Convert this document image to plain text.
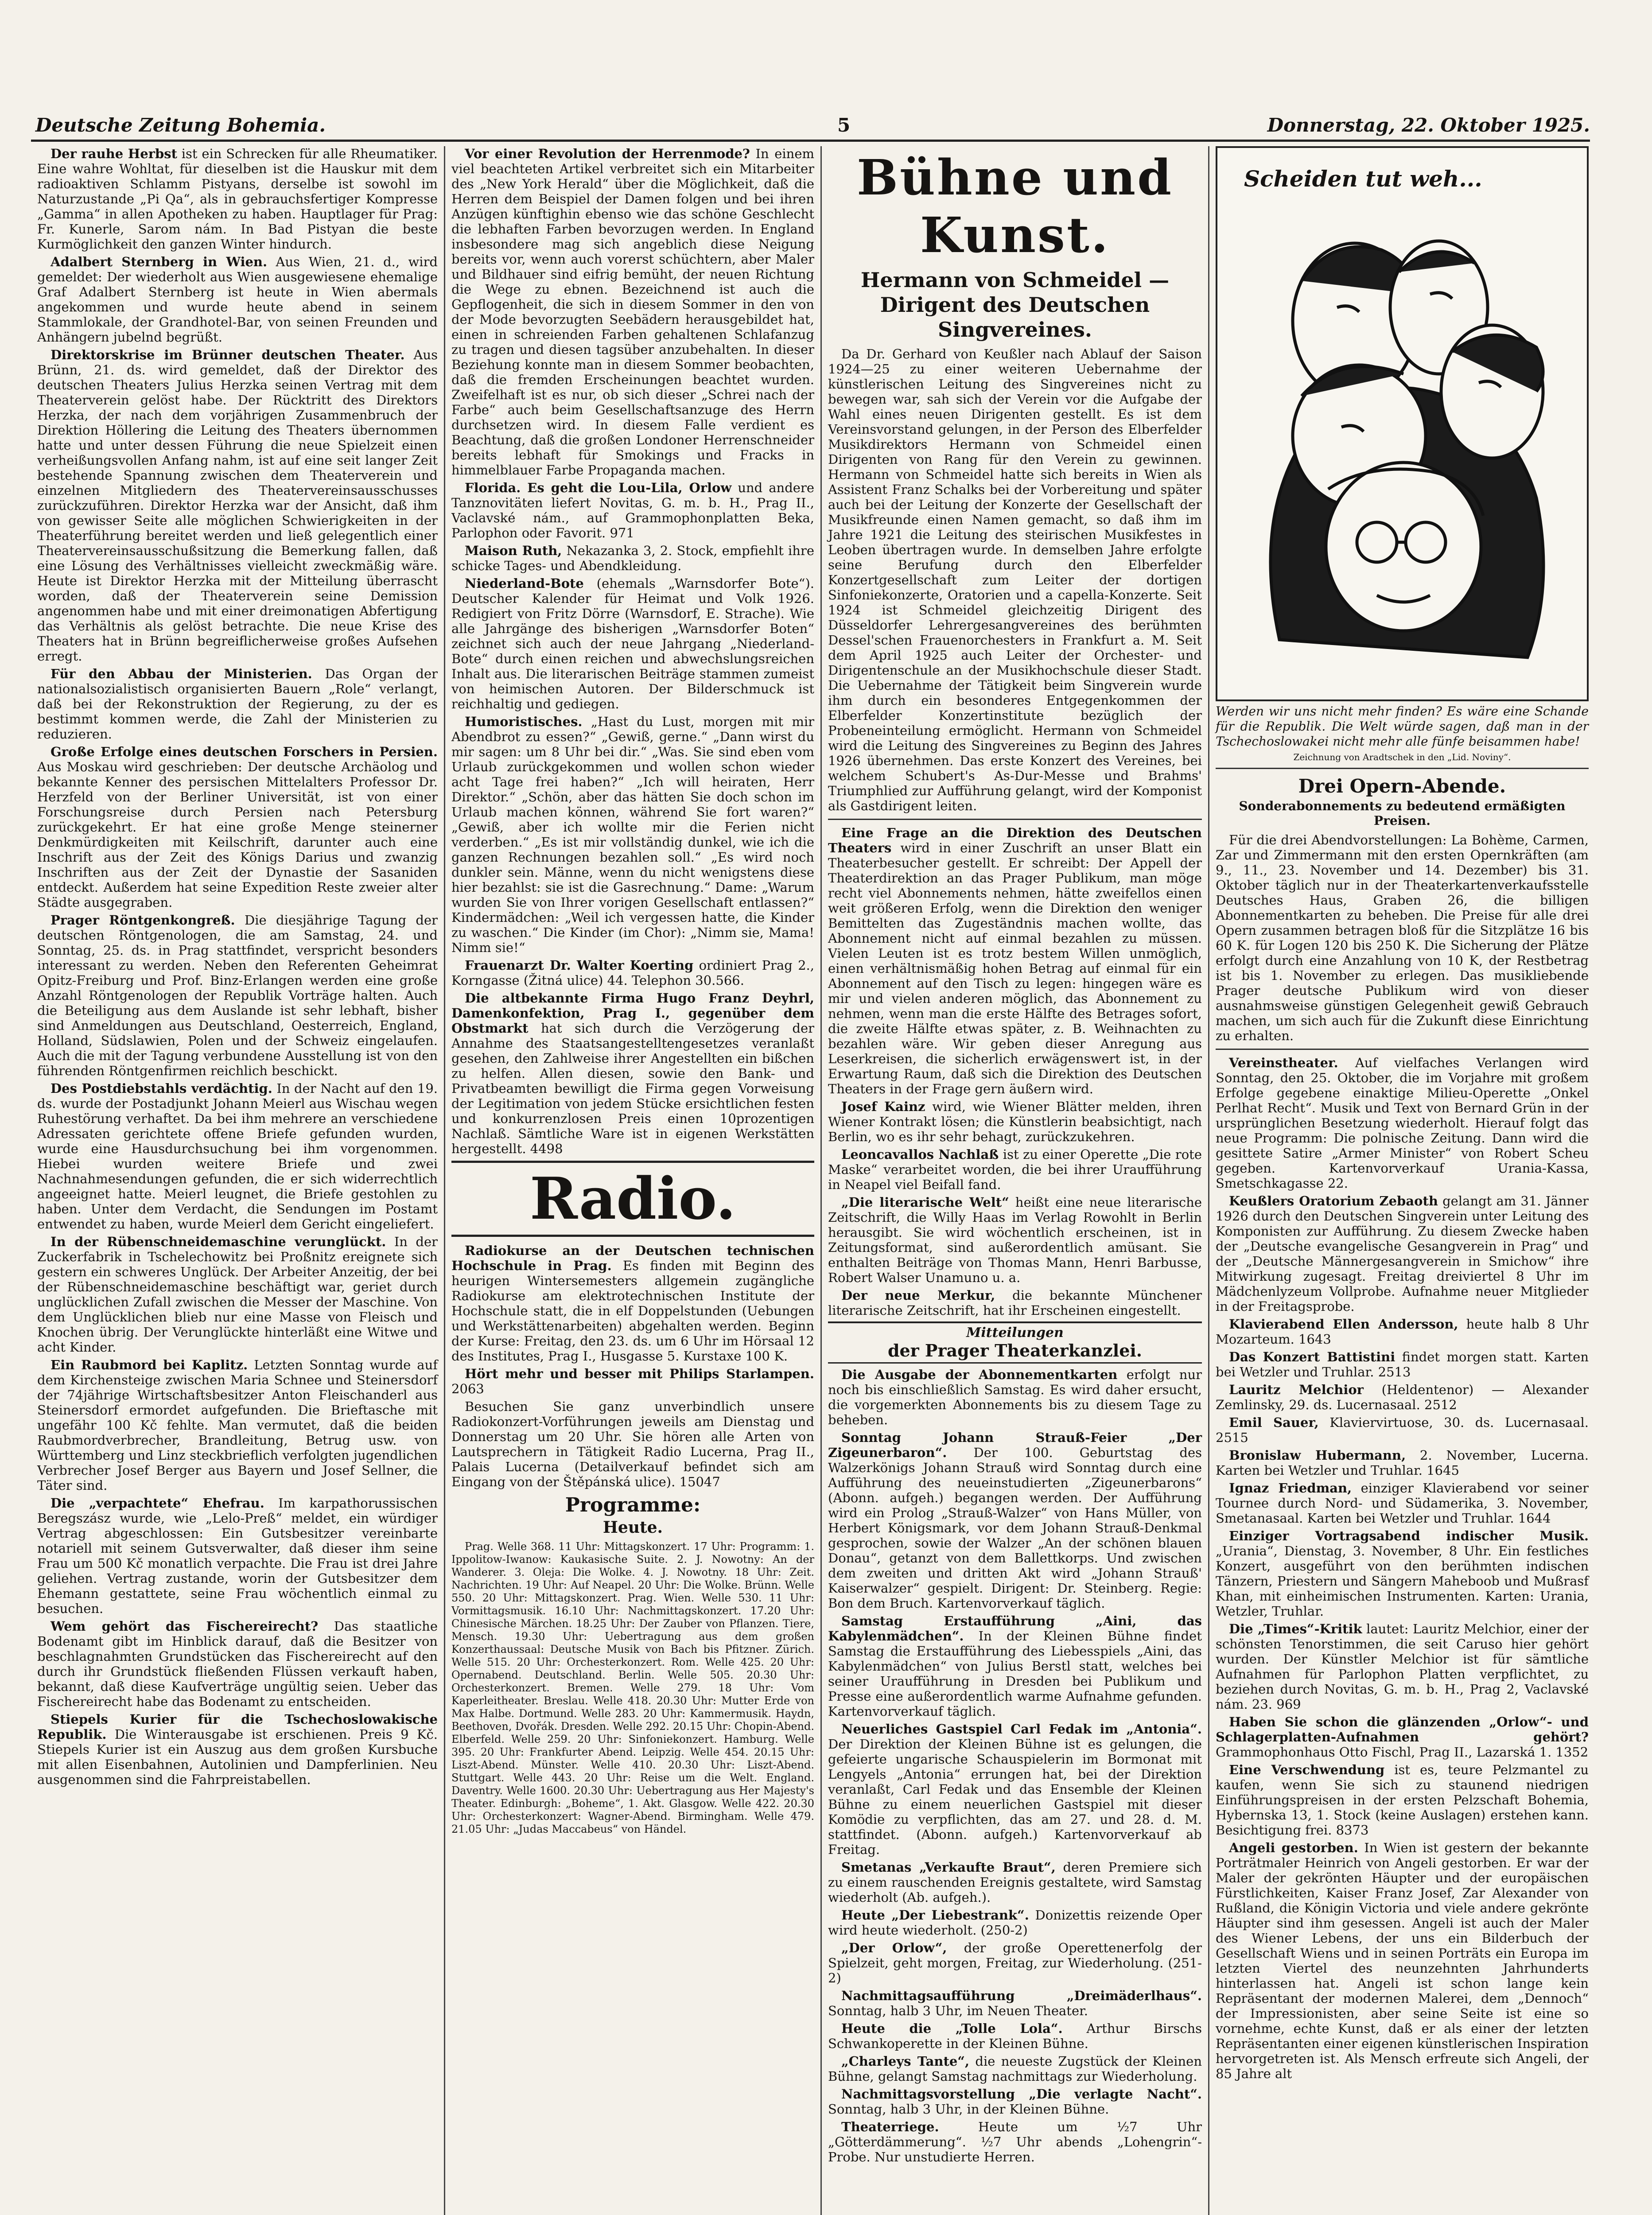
Deutsche Zeitung Bohemia.	5	Donnerstag, 22. Oktober 1925.

Der rauhe Herbst ist ein Schrecken für alle Rheumatiker. Eine wahre Wohltat, für dieselben ist die Hauskur mit dem radioaktiven Schlamm Pistyans, derselbe ist sowohl im Naturzustande „Pi Qa“, als in gebrauchsfertiger Kompresse „Gamma“ in allen Apotheken zu haben. Hauptlager für Prag: Fr. Kunerle, Sarom nám. In Bad Pistyan die beste Kurmöglichkeit den ganzen Winter hindurch.

Adalbert Sternberg in Wien. Aus Wien, 21. d., wird gemeldet: Der wiederholt aus Wien ausgewiesene ehemalige Graf Adalbert Sternberg ist heute in Wien abermals angekommen und wurde heute abend in seinem Stammlokale, der Grandhotel-Bar, von seinen Freunden und Anhängern jubelnd begrüßt.

Direktorskrise im Brünner deutschen Theater. Aus Brünn, 21. ds. wird gemeldet, daß der Direktor des deutschen Theaters Julius Herzka seinen Vertrag mit dem Theaterverein gelöst habe. Der Rücktritt des Direktors Herzka, der nach dem vorjährigen Zusammenbruch der Direktion Höllering die Leitung des Theaters übernommen hatte und unter dessen Führung die neue Spielzeit einen verheißungsvollen Anfang nahm, ist auf eine seit langer Zeit bestehende Spannung zwischen dem Theaterverein und einzelnen Mitgliedern des Theatervereinsausschusses zurückzuführen. Direktor Herzka war der Ansicht, daß ihm von gewisser Seite alle möglichen Schwierigkeiten in der Theaterführung bereitet werden und ließ gelegentlich einer Theatervereinsausschußsitzung die Bemerkung fallen, daß eine Lösung des Verhältnisses vielleicht zweckmäßig wäre. Heute ist Direktor Herzka mit der Mitteilung überrascht worden, daß der Theaterverein seine Demission angenommen habe und mit einer dreimonatigen Abfertigung das Verhältnis als gelöst betrachte. Die neue Krise des Theaters hat in Brünn begreiflicherweise großes Aufsehen erregt.

Für den Abbau der Ministerien. Das Organ der nationalsozialistisch organisierten Bauern „Role“ verlangt, daß bei der Rekonstruktion der Regierung, zu der es bestimmt kommen werde, die Zahl der Ministerien zu reduzieren.

Große Erfolge eines deutschen Forschers in Persien. Aus Moskau wird geschrieben: Der deutsche Archäolog und bekannte Kenner des persischen Mittelalters Professor Dr. Herzfeld von der Berliner Universität, ist von einer Forschungsreise durch Persien nach Petersburg zurückgekehrt. Er hat eine große Menge steinerner Denkmürdigkeiten mit Keilschrift, darunter auch eine Inschrift aus der Zeit des Königs Darius und zwanzig Inschriften aus der Zeit der Dynastie der Sasaniden entdeckt. Außerdem hat seine Expedition Reste zweier alter Städte ausgegraben.

Prager Röntgenkongreß. Die diesjährige Tagung der deutschen Röntgenologen, die am Samstag, 24. und Sonntag, 25. ds. in Prag stattfindet, verspricht besonders interessant zu werden. Neben den Referenten Geheimrat Opitz-Freiburg und Prof. Binz-Erlangen werden eine große Anzahl Röntgenologen der Republik Vorträge halten. Auch die Beteiligung aus dem Auslande ist sehr lebhaft, bisher sind Anmeldungen aus Deutschland, Oesterreich, England, Holland, Südslawien, Polen und der Schweiz eingelaufen. Auch die mit der Tagung verbundene Ausstellung ist von den führenden Röntgenfirmen reichlich beschickt.

Des Postdiebstahls verdächtig. In der Nacht auf den 19. ds. wurde der Postadjunkt Johann Meierl aus Wischau wegen Ruhestörung verhaftet. Da bei ihm mehrere an verschiedene Adressaten gerichtete offene Briefe gefunden wurden, wurde eine Hausdurchsuchung bei ihm vorgenommen. Hiebei wurden weitere Briefe und zwei Nachnahmesendungen gefunden, die er sich widerrechtlich angeeignet hatte. Meierl leugnet, die Briefe gestohlen zu haben. Unter dem Verdacht, die Sendungen im Postamt entwendet zu haben, wurde Meierl dem Gericht eingeliefert.

In der Rübenschneidemaschine verunglückt. In der Zuckerfabrik in Tschelechowitz bei Proßnitz ereignete sich gestern ein schweres Unglück. Der Arbeiter Anzeitig, der bei der Rübenschneidemaschine beschäftigt war, geriet durch unglücklichen Zufall zwischen die Messer der Maschine. Von dem Unglücklichen blieb nur eine Masse von Fleisch und Knochen übrig. Der Verunglückte hinterläßt eine Witwe und acht Kinder.

Ein Raubmord bei Kaplitz. Letzten Sonntag wurde auf dem Kirchensteige zwischen Maria Schnee und Steinersdorf der 74jährige Wirtschaftsbesitzer Anton Fleischanderl aus Steinersdorf ermordet aufgefunden. Die Brieftasche mit ungefähr 100 Kč fehlte. Man vermutet, daß die beiden Raubmordverbrecher, Brandleitung, Betrug usw. von Württemberg und Linz steckbrieflich verfolgten jugendlichen Verbrecher Josef Berger aus Bayern und Josef Sellner, die Täter sind.

Die „verpachtete“ Ehefrau. Im karpathorussischen Beregszász wurde, wie „Lelo-Preß“ meldet, ein würdiger Vertrag abgeschlossen: Ein Gutsbesitzer vereinbarte notariell mit seinem Gutsverwalter, daß dieser ihm seine Frau um 500 Kč monatlich verpachte. Die Frau ist drei Jahre geliehen. Vertrag zustande, worin der Gutsbesitzer dem Ehemann gestattete, seine Frau wöchentlich einmal zu besuchen.

Wem gehört das Fischereirecht? Das staatliche Bodenamt gibt im Hinblick darauf, daß die Besitzer von beschlagnahmten Grundstücken das Fischereirecht auf den durch ihr Grundstück fließenden Flüssen verkauft haben, bekannt, daß diese Kaufverträge ungültig seien. Ueber das Fischereirecht habe das Bodenamt zu entscheiden.

Stiepels Kurier für die Tschechoslowakische Republik. Die Winterausgabe ist erschienen. Preis 9 Kč. Stiepels Kurier ist ein Auszug aus dem großen Kursbuche mit allen Eisenbahnen, Autolinien und Dampferlinien. Neu ausgenommen sind die Fahrpreistabellen.

Vor einer Revolution der Herrenmode? In einem viel beachteten Artikel verbreitet sich ein Mitarbeiter des „New York Herald“ über die Möglichkeit, daß die Herren dem Beispiel der Damen folgen und bei ihren Anzügen künftighin ebenso wie das schöne Geschlecht die lebhaften Farben bevorzugen werden. In England insbesondere mag sich angeblich diese Neigung bereits vor, wenn auch vorerst schüchtern, aber Maler und Bildhauer sind eifrig bemüht, der neuen Richtung die Wege zu ebnen. Bezeichnend ist auch die Gepflogenheit, die sich in diesem Sommer in den von der Mode bevorzugten Seebädern herausgebildet hat, einen in schreienden Farben gehaltenen Schlafanzug zu tragen und diesen tagsüber anzubehalten. In dieser Beziehung konnte man in diesem Sommer beobachten, daß die fremden Erscheinungen beachtet wurden. Zweifelhaft ist es nur, ob sich dieser „Schrei nach der Farbe“ auch beim Gesellschaftsanzuge des Herrn durchsetzen wird. In diesem Falle verdient es Beachtung, daß die großen Londoner Herrenschneider bereits lebhaft für Smokings und Fracks in himmelblauer Farbe Propaganda machen.

Florida. Es geht die Lou-Lila, Orlow und andere Tanznovitäten liefert Novitas, G. m. b. H., Prag II., Vaclavské nám., auf Grammophonplatten Beka, Parlophon oder Favorit. 971

Maison Ruth, Nekazanka 3, 2. Stock, empfiehlt ihre schicke Tages- und Abendkleidung.

Niederland-Bote (ehemals „Warnsdorfer Bote“). Deutscher Kalender für Heimat und Volk 1926. Redigiert von Fritz Dörre (Warnsdorf, E. Strache). Wie alle Jahrgänge des bisherigen „Warnsdorfer Boten“ zeichnet sich auch der neue Jahrgang „Niederland-Bote“ durch einen reichen und abwechslungsreichen Inhalt aus. Die literarischen Beiträge stammen zumeist von heimischen Autoren. Der Bilderschmuck ist reichhaltig und gediegen.

Humoristisches. „Hast du Lust, morgen mit mir Abendbrot zu essen?“ „Gewiß, gerne.“ „Dann wirst du mir sagen: um 8 Uhr bei dir.“ „Was. Sie sind eben vom Urlaub zurückgekommen und wollen schon wieder acht Tage frei haben?“ „Ich will heiraten, Herr Direktor.“ „Schön, aber das hätten Sie doch schon im Urlaub machen können, während Sie fort waren?“ „Gewiß, aber ich wollte mir die Ferien nicht verderben.“ „Es ist mir vollständig dunkel, wie ich die ganzen Rechnungen bezahlen soll.“ „Es wird noch dunkler sein. Männe, wenn du nicht wenigstens diese hier bezahlst: sie ist die Gasrechnung.“ Dame: „Warum wurden Sie von Ihrer vorigen Gesellschaft entlassen?“ Kindermädchen: „Weil ich vergessen hatte, die Kinder zu waschen.“ Die Kinder (im Chor): „Nimm sie, Mama! Nimm sie!“

Frauenarzt Dr. Walter Koerting ordiniert Prag 2., Korngasse (Žitná ulice) 44. Telephon 30.566.

Die altbekannte Firma Hugo Franz Deyhrl, Damenkonfektion, Prag I., gegenüber dem Obstmarkt hat sich durch die Verzögerung der Annahme des Staatsangestelltengesetzes veranlaßt gesehen, den Zahlweise ihrer Angestellten ein bißchen zu helfen. Allen diesen, sowie den Bank- und Privatbeamten bewilligt die Firma gegen Vorweisung der Legitimation von jedem Stücke ersichtlichen festen und konkurrenzlosen Preis einen 10prozentigen Nachlaß. Sämtliche Ware ist in eigenen Werkstätten hergestellt. 4498

Radio.

Radiokurse an der Deutschen technischen Hochschule in Prag. Es finden mit Beginn des heurigen Wintersemesters allgemein zugängliche Radiokurse am elektrotechnischen Institute der Hochschule statt, die in elf Doppelstunden (Uebungen und Werkstättenarbeiten) abgehalten werden. Beginn der Kurse: Freitag, den 23. ds. um 6 Uhr im Hörsaal 12 des Institutes, Prag I., Husgasse 5. Kurstaxe 100 K.

Hört mehr und besser mit Philips Starlampen. 2063

Besuchen Sie ganz unverbindlich unsere Radiokonzert-Vorführungen jeweils am Dienstag und Donnerstag um 20 Uhr. Sie hören alle Arten von Lautsprechern in Tätigkeit Radio Lucerna, Prag II., Palais Lucerna (Detailverkauf befindet sich am Eingang von der Štěpánská ulice). 15047

Programme:
Heute.

Prag. Welle 368. 11 Uhr: Mittagskonzert. 17 Uhr: Programm: 1. Ippolitow-Iwanow: Kaukasische Suite. 2. J. Nowotny: An der Wanderer. 3. Oleja: Die Wolke. 4. J. Nowotny. 18 Uhr: Zeit. Nachrichten. 19 Uhr: Auf Neapel. 20 Uhr: Die Wolke. Brünn. Welle 550. 20 Uhr: Mittagskonzert. Prag. Wien. Welle 530. 11 Uhr: Vormittagsmusik. 16.10 Uhr: Nachmittagskonzert. 17.20 Uhr: Chinesische Märchen. 18.25 Uhr: Der Zauber von Pflanzen. Tiere, Mensch. 19.30 Uhr: Uebertragung aus dem großen Konzerthaussaal: Deutsche Musik von Bach bis Pfitzner. Zürich. Welle 515. 20 Uhr: Orchesterkonzert. Rom. Welle 425. 20 Uhr: Opernabend. Deutschland. Berlin. Welle 505. 20.30 Uhr: Orchesterkonzert. Bremen. Welle 279. 18 Uhr: Vom Kaperleitheater. Breslau. Welle 418. 20.30 Uhr: Mutter Erde von Max Halbe. Dortmund. Welle 283. 20 Uhr: Kammermusik. Haydn, Beethoven, Dvořák. Dresden. Welle 292. 20.15 Uhr: Chopin-Abend. Elberfeld. Welle 259. 20 Uhr: Sinfoniekonzert. Hamburg. Welle 395. 20 Uhr: Frankfurter Abend. Leipzig. Welle 454. 20.15 Uhr: Liszt-Abend. Münster. Welle 410. 20.30 Uhr: Liszt-Abend. Stuttgart. Welle 443. 20 Uhr: Reise um die Welt. England. Daventry. Welle 1600. 20.30 Uhr: Uebertragung aus Her Majesty's Theater. Edinburgh: „Boheme“, 1. Akt. Glasgow. Welle 422. 20.30 Uhr: Orchesterkonzert: Wagner-Abend. Birmingham. Welle 479. 21.05 Uhr: „Judas Maccabeus“ von Händel.

Bühne und Kunst.
Hermann von Schmeidel — Dirigent des Deutschen Singvereines.

Da Dr. Gerhard von Keußler nach Ablauf der Saison 1924—25 zu einer weiteren Uebernahme der künstlerischen Leitung des Singvereines nicht zu bewegen war, sah sich der Verein vor die Aufgabe der Wahl eines neuen Dirigenten gestellt. Es ist dem Vereinsvorstand gelungen, in der Person des Elberfelder Musikdirektors Hermann von Schmeidel einen Dirigenten von Rang für den Verein zu gewinnen. Hermann von Schmeidel hatte sich bereits in Wien als Assistent Franz Schalks bei der Vorbereitung und später auch bei der Leitung der Konzerte der Gesellschaft der Musikfreunde einen Namen gemacht, so daß ihm im Jahre 1921 die Leitung des steirischen Musikfestes in Leoben übertragen wurde. In demselben Jahre erfolgte seine Berufung durch den Elberfelder Konzertgesellschaft zum Leiter der dortigen Sinfoniekonzerte, Oratorien und a capella-Konzerte. Seit 1924 ist Schmeidel gleichzeitig Dirigent des Düsseldorfer Lehrergesangvereines des berühmten Dessel'schen Frauenorchesters in Frankfurt a. M. Seit dem April 1925 auch Leiter der Orchester- und Dirigentenschule an der Musikhochschule dieser Stadt. Die Uebernahme der Tätigkeit beim Singverein wurde ihm durch ein besonderes Entgegenkommen der Elberfelder Konzertinstitute bezüglich der Probeneinteilung ermöglicht. Hermann von Schmeidel wird die Leitung des Singvereines zu Beginn des Jahres 1926 übernehmen. Das erste Konzert des Vereines, bei welchem Schubert's As-Dur-Messe und Brahms' Triumphlied zur Aufführung gelangt, wird der Komponist als Gastdirigent leiten.

Eine Frage an die Direktion des Deutschen Theaters wird in einer Zuschrift an unser Blatt ein Theaterbesucher gestellt. Er schreibt: Der Appell der Theaterdirektion an das Prager Publikum, man möge recht viel Abonnements nehmen, hätte zweifellos einen weit größeren Erfolg, wenn die Direktion den weniger Bemittelten das Zugeständnis machen wollte, das Abonnement nicht auf einmal bezahlen zu müssen. Vielen Leuten ist es trotz bestem Willen unmöglich, einen verhältnismäßig hohen Betrag auf einmal für ein Abonnement auf den Tisch zu legen: hingegen wäre es mir und vielen anderen möglich, das Abonnement zu nehmen, wenn man die erste Hälfte des Betrages sofort, die zweite Hälfte etwas später, z. B. Weihnachten zu bezahlen wäre. Wir geben dieser Anregung aus Leserkreisen, die sicherlich erwägenswert ist, in der Erwartung Raum, daß sich die Direktion des Deutschen Theaters in der Frage gern äußern wird.

Josef Kainz wird, wie Wiener Blätter melden, ihren Wiener Kontrakt lösen; die Künstlerin beabsichtigt, nach Berlin, wo es ihr sehr behagt, zurückzukehren.

Leoncavallos Nachlaß ist zu einer Operette „Die rote Maske“ verarbeitet worden, die bei ihrer Uraufführung in Neapel viel Beifall fand.

„Die literarische Welt“ heißt eine neue literarische Zeitschrift, die Willy Haas im Verlag Rowohlt in Berlin herausgibt. Sie wird wöchentlich erscheinen, ist in Zeitungsformat, sind außerordentlich amüsant. Sie enthalten Beiträge von Thomas Mann, Henri Barbusse, Robert Walser Unamuno u. a.

Der neue Merkur, die bekannte Münchener literarische Zeitschrift, hat ihr Erscheinen eingestellt.

Mitteilungen
der Prager Theaterkanzlei.

Die Ausgabe der Abonnementkarten erfolgt nur noch bis einschließlich Samstag. Es wird daher ersucht, die vorgemerkten Abonnements bis zu diesem Tage zu beheben.

Sonntag Johann Strauß-Feier „Der Zigeunerbaron“. Der 100. Geburtstag des Walzerkönigs Johann Strauß wird Sonntag durch eine Aufführung des neueinstudierten „Zigeunerbarons“ (Abonn. aufgeh.) begangen werden. Der Aufführung wird ein Prolog „Strauß-Walzer“ von Hans Müller, von Herbert Königsmark, vor dem Johann Strauß-Denkmal gesprochen, sowie der Walzer „An der schönen blauen Donau“, getanzt von dem Ballettkorps. Und zwischen dem zweiten und dritten Akt wird „Johann Strauß' Kaiserwalzer“ gespielt. Dirigent: Dr. Steinberg. Regie: Bon dem Bruch. Kartenvorverkauf täglich.

Samstag Erstaufführung „Aini, das Kabylenmädchen“. In der Kleinen Bühne findet Samstag die Erstaufführung des Liebesspiels „Aini, das Kabylenmädchen“ von Julius Berstl statt, welches bei seiner Uraufführung in Dresden bei Publikum und Presse eine außerordentlich warme Aufnahme gefunden. Kartenvorverkauf täglich.

Neuerliches Gastspiel Carl Fedak im „Antonia“. Der Direktion der Kleinen Bühne ist es gelungen, die gefeierte ungarische Schauspielerin im Bormonat mit Lengyels „Antonia“ errungen hat, bei der Direktion veranlaßt, Carl Fedak und das Ensemble der Kleinen Bühne zu einem neuerlichen Gastspiel mit dieser Komödie zu verpflichten, das am 27. und 28. d. M. stattfindet. (Abonn. aufgeh.) Kartenvorverkauf ab Freitag.

Smetanas „Verkaufte Braut“, deren Premiere sich zu einem rauschenden Ereignis gestaltete, wird Samstag wiederholt (Ab. aufgeh.).

Heute „Der Liebestrank“. Donizettis reizende Oper wird heute wiederholt. (250-2)

„Der Orlow“, der große Operettenerfolg der Spielzeit, geht morgen, Freitag, zur Wiederholung. (251-2)

Nachmittagsaufführung „Dreimäderlhaus“. Sonntag, halb 3 Uhr, im Neuen Theater.

Heute die „Tolle Lola“. Arthur Birschs Schwankoperette in der Kleinen Bühne.

„Charleys Tante“, die neueste Zugstück der Kleinen Bühne, gelangt Samstag nachmittags zur Wiederholung.

Nachmittagsvorstellung „Die verlagte Nacht“. Sonntag, halb 3 Uhr, in der Kleinen Bühne.

Theaterriege. Heute um ½7 Uhr „Götterdämmerung“. ½7 Uhr abends „Lohengrin“-Probe. Nur unstudierte Herren.

Scheiden tut weh...

Werden wir uns nicht mehr finden? Es wäre eine Schande für die Republik. Die Welt würde sagen, daß man in der Tschechoslowakei nicht mehr alle fünfe beisammen habe!

Zeichnung von Aradtschek in den „Lid. Noviny“.
Drei Opern-Abende.
Sonderabonnements zu bedeutend ermäßigten Preisen.

Für die drei Abendvorstellungen: La Bohème, Carmen, Zar und Zimmermann mit den ersten Opernkräften (am 9., 11., 23. November und 14. Dezember) bis 31. Oktober täglich nur in der Theaterkartenverkaufsstelle Deutsches Haus, Graben 26, die billigen Abonnementkarten zu beheben. Die Preise für alle drei Opern zusammen betragen bloß für die Sitzplätze 16 bis 60 K. für Logen 120 bis 250 K. Die Sicherung der Plätze erfolgt durch eine Anzahlung von 10 K, der Restbetrag ist bis 1. November zu erlegen. Das musikliebende Prager deutsche Publikum wird von dieser ausnahmsweise günstigen Gelegenheit gewiß Gebrauch machen, um sich auch für die Zukunft diese Einrichtung zu erhalten.

Vereinstheater. Auf vielfaches Verlangen wird Sonntag, den 25. Oktober, die im Vorjahre mit großem Erfolge gegebene einaktige Milieu-Operette „Onkel Perlhat Recht“. Musik und Text von Bernard Grün in der ursprünglichen Besetzung wiederholt. Hierauf folgt das neue Programm: Die polnische Zeitung. Dann wird die gesittete Satire „Armer Minister“ von Robert Scheu gegeben. Kartenvorverkauf Urania-Kassa, Smetschkagasse 22.

Keußlers Oratorium Zebaoth gelangt am 31. Jänner 1926 durch den Deutschen Singverein unter Leitung des Komponisten zur Aufführung. Zu diesem Zwecke haben der „Deutsche evangelische Gesangverein in Prag“ und der „Deutsche Männergesangverein in Smichow“ ihre Mitwirkung zugesagt. Freitag dreiviertel 8 Uhr im Mädchenlyzeum Vollprobe. Aufnahme neuer Mitglieder in der Freitagsprobe.

Klavierabend Ellen Andersson, heute halb 8 Uhr Mozarteum. 1643

Das Konzert Battistini findet morgen statt. Karten bei Wetzler und Truhlar. 2513

Lauritz Melchior (Heldentenor) — Alexander Zemlinsky, 29. ds. Lucernasaal. 2512

Emil Sauer, Klaviervirtuose, 30. ds. Lucernasaal. 2515

Bronislaw Hubermann, 2. November, Lucerna. Karten bei Wetzler und Truhlar. 1645

Ignaz Friedman, einziger Klavierabend vor seiner Tournee durch Nord- und Südamerika, 3. November, Smetanasaal. Karten bei Wetzler und Truhlar. 1644

Einziger Vortragsabend indischer Musik. „Urania“, Dienstag, 3. November, 8 Uhr. Ein festliches Konzert, ausgeführt von den berühmten indischen Tänzern, Priestern und Sängern Maheboob und Mußrasf Khan, mit einheimischen Instrumenten. Karten: Urania, Wetzler, Truhlar.

Die „Times“-Kritik lautet: Lauritz Melchior, einer der schönsten Tenorstimmen, die seit Caruso hier gehört wurden. Der Künstler Melchior ist für sämtliche Aufnahmen für Parlophon Platten verpflichtet, zu beziehen durch Novitas, G. m. b. H., Prag 2, Vaclavské nám. 23. 969

Haben Sie schon die glänzenden „Orlow“- und Schlagerplatten-Aufnahmen gehört? Grammophonhaus Otto Fischl, Prag II., Lazarská 1. 1352

Eine Verschwendung ist es, teure Pelzmantel zu kaufen, wenn Sie sich zu staunend niedrigen Einführungspreisen in der ersten Pelzschaft Bohemia, Hybernska 13, 1. Stock (keine Auslagen) erstehen kann. Besichtigung frei. 8373

Angeli gestorben. In Wien ist gestern der bekannte Porträtmaler Heinrich von Angeli gestorben. Er war der Maler der gekrönten Häupter und der europäischen Fürstlichkeiten, Kaiser Franz Josef, Zar Alexander von Rußland, die Königin Victoria und viele andere gekrönte Häupter sind ihm gesessen. Angeli ist auch der Maler des Wiener Lebens, der uns ein Bilderbuch der Gesellschaft Wiens und in seinen Porträts ein Europa im letzten Viertel des neunzehnten Jahrhunderts hinterlassen hat. Angeli ist schon lange kein Repräsentant der modernen Malerei, dem „Dennoch“ der Impressionisten, aber seine Seite ist eine so vornehme, echte Kunst, daß er als einer der letzten Repräsentanten einer eigenen künstlerischen Inspiration hervorgetreten ist. Als Mensch erfreute sich Angeli, der 85 Jahre alt
